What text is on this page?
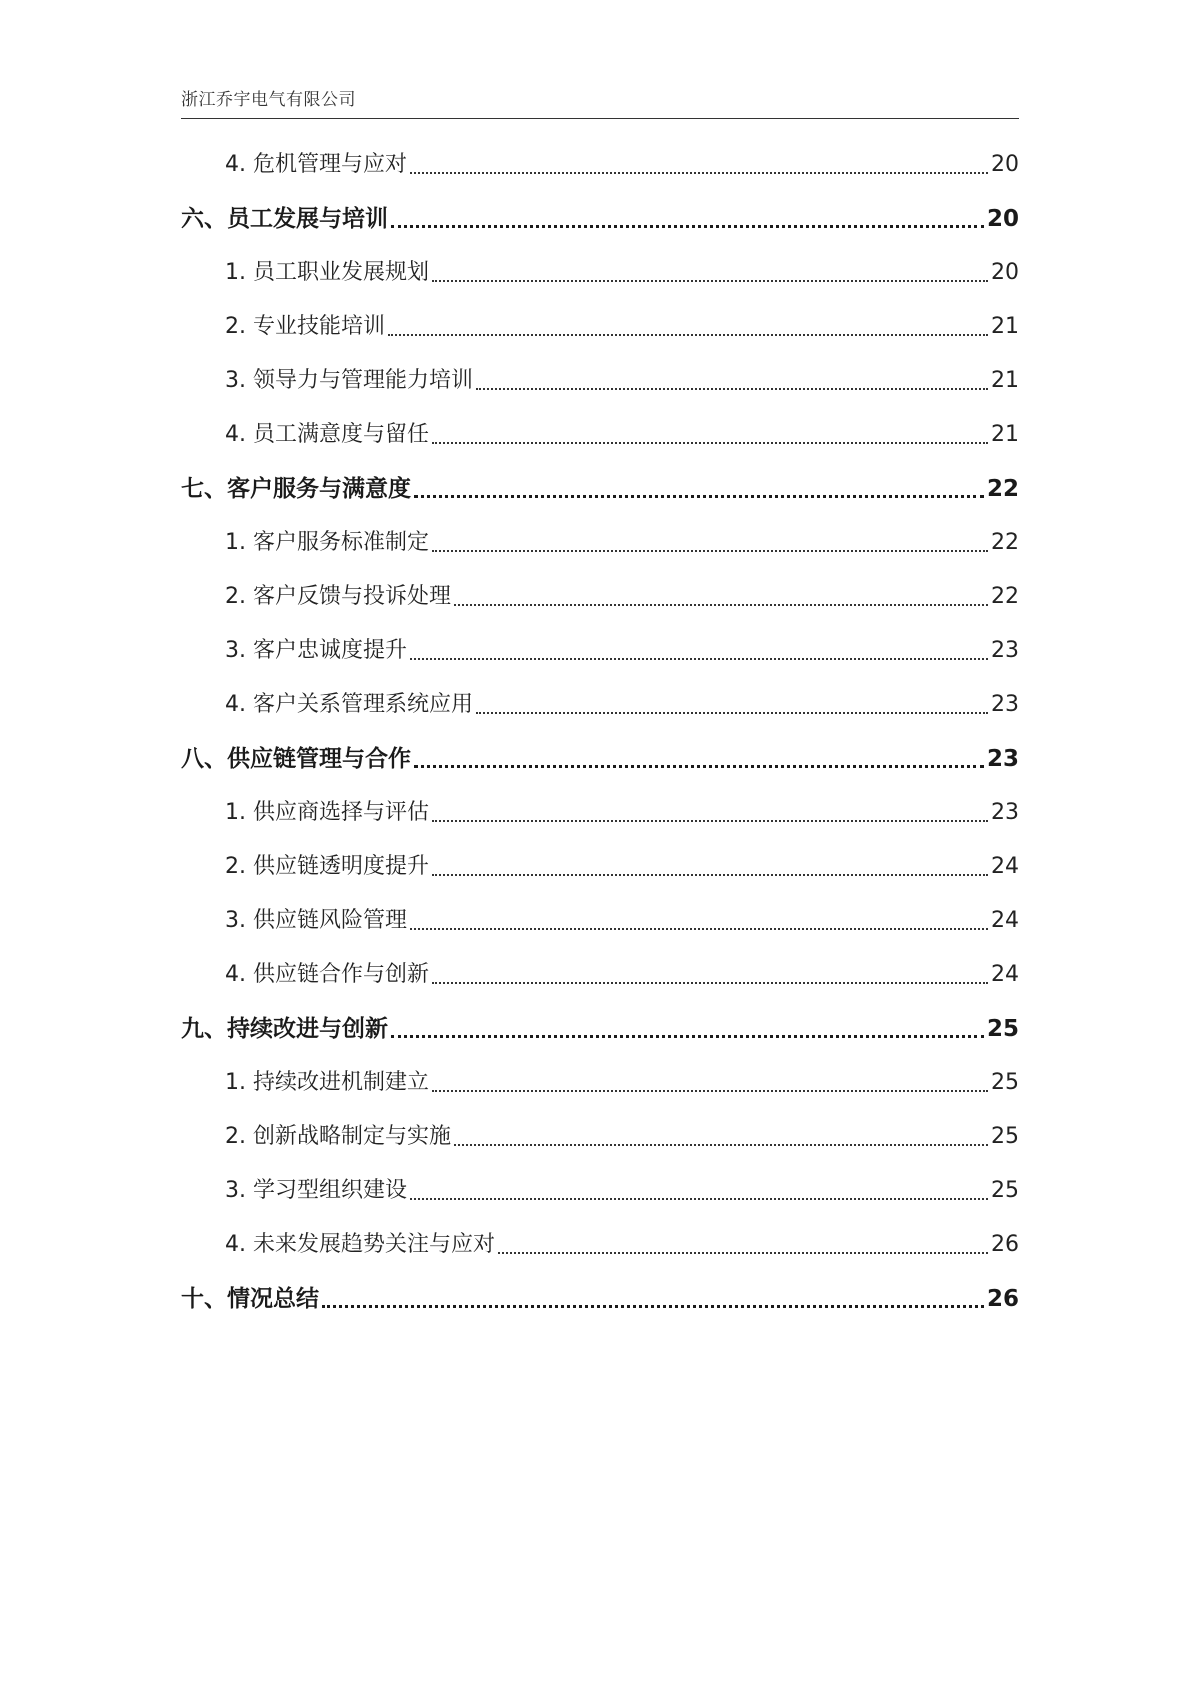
浙江乔宇电气有限公司
4. 危机管理与应对	20
六、员工发展与培训	20
1. 员工职业发展规划	20
2. 专业技能培训	21
3. 领导力与管理能力培训	21
4. 员工满意度与留任	21
七、客户服务与满意度	22
1. 客户服务标准制定	22
2. 客户反馈与投诉处理	22
3. 客户忠诚度提升	23
4. 客户关系管理系统应用	23
八、供应链管理与合作	23
1. 供应商选择与评估	23
2. 供应链透明度提升	24
3. 供应链风险管理	24
4. 供应链合作与创新	24
九、持续改进与创新	25
1. 持续改进机制建立	25
2. 创新战略制定与实施	25
3. 学习型组织建设	25
4. 未来发展趋势关注与应对	26
十、情况总结	26
